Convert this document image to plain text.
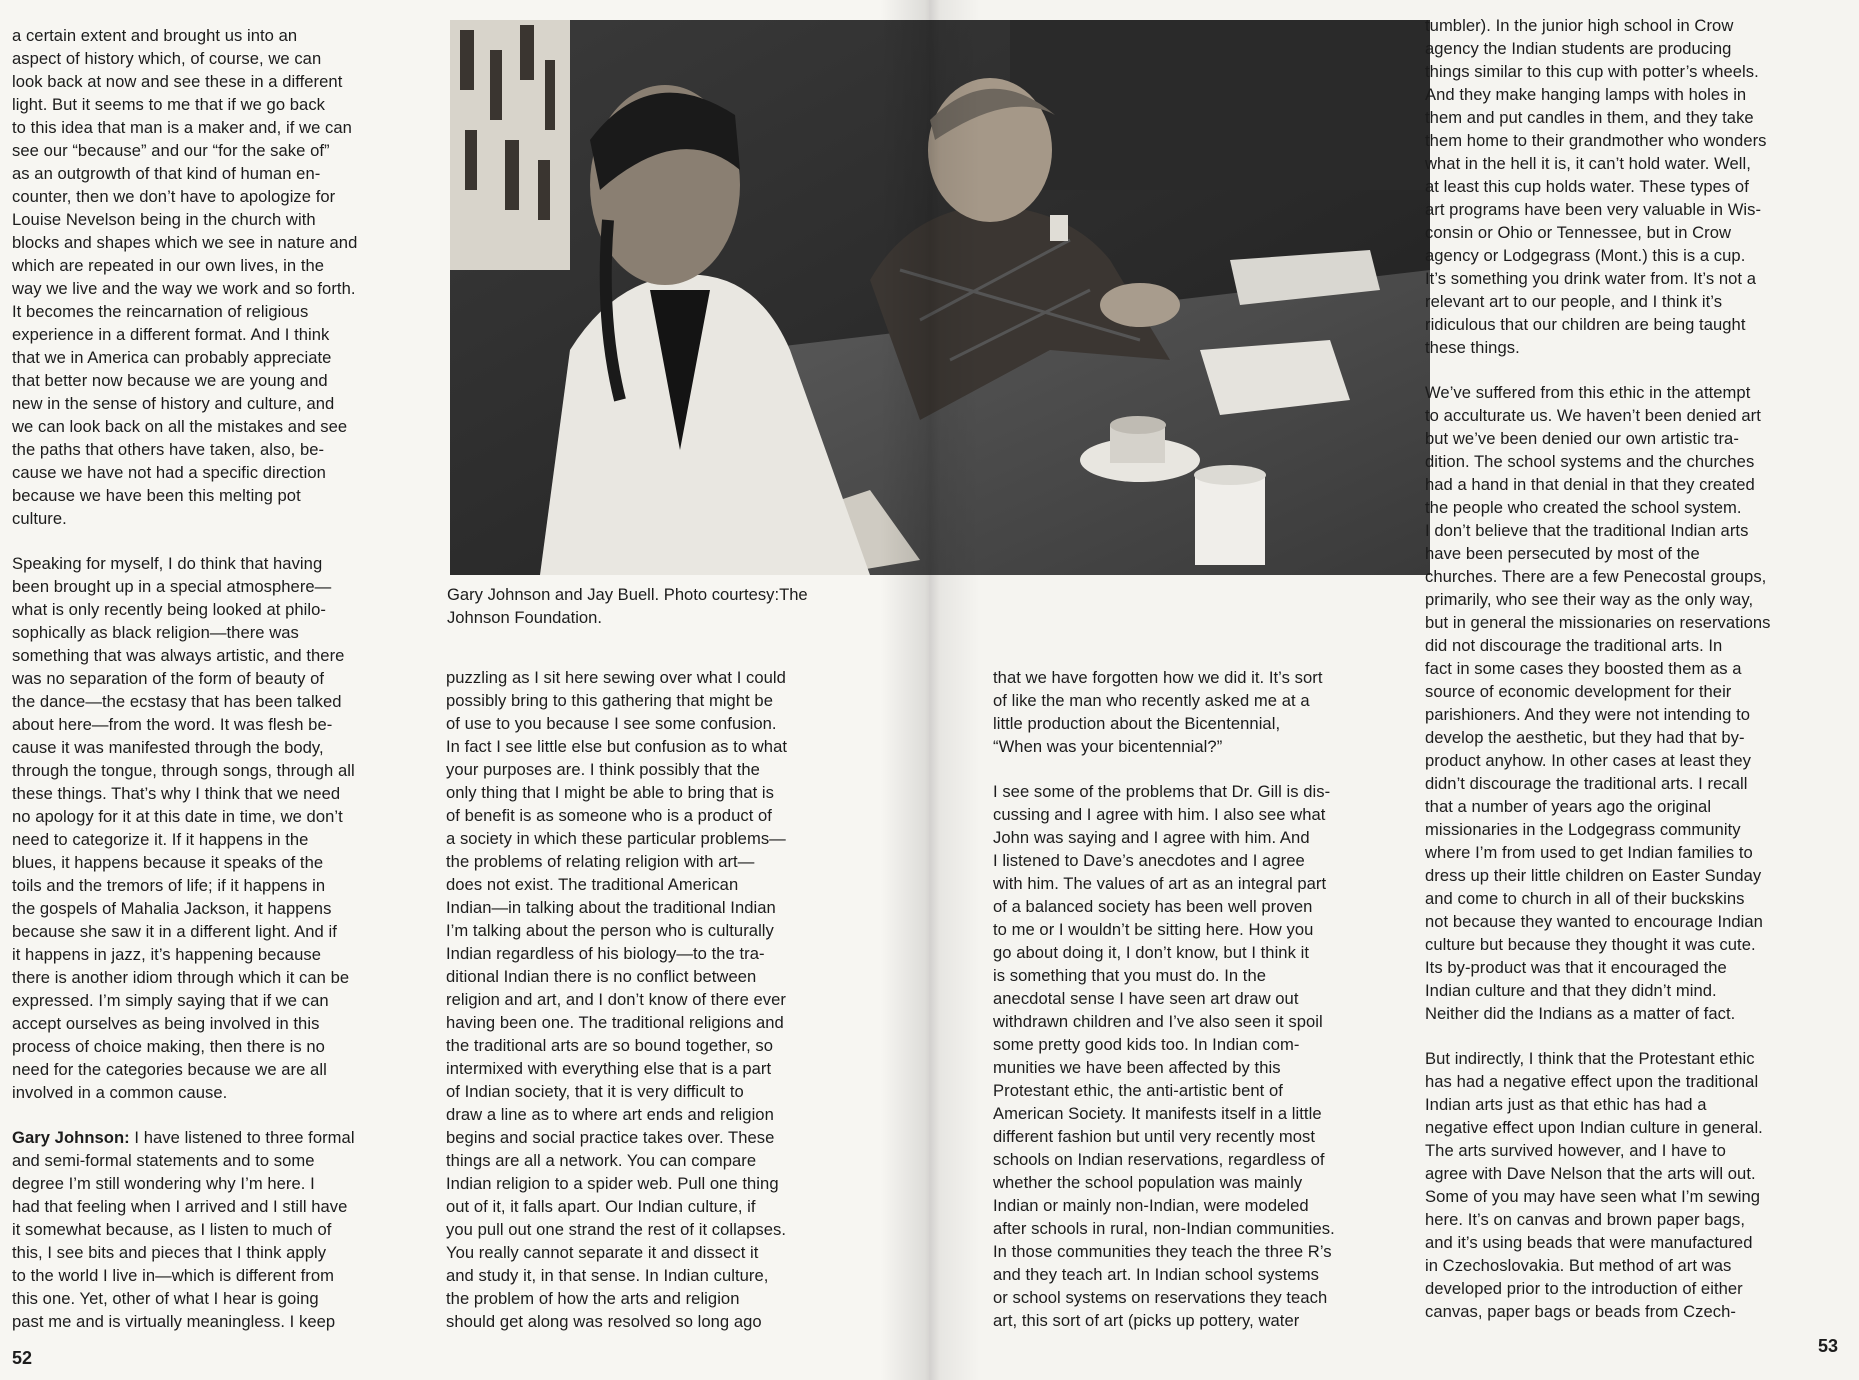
a certain extent and brought us into an
aspect of history which, of course, we can
look back at now and see these in a different
light. But it seems to me that if we go back
to this idea that man is a maker and, if we can
see our “because” and our “for the sake of”
as an outgrowth of that kind of human en-
counter, then we don’t have to apologize for
Louise Nevelson being in the church with
blocks and shapes which we see in nature and
which are repeated in our own lives, in the
way we live and the way we work and so forth.
It becomes the reincarnation of religious
experience in a different format. And I think
that we in America can probably appreciate
that better now because we are young and
new in the sense of history and culture, and
we can look back on all the mistakes and see
the paths that others have taken, also, be-
cause we have not had a specific direction
because we have been this melting pot
culture.

Speaking for myself, I do think that having
been brought up in a special atmosphere—
what is only recently being looked at philo-
sophically as black religion—there was
something that was always artistic, and there
was no separation of the form of beauty of
the dance—the ecstasy that has been talked
about here—from the word. It was flesh be-
cause it was manifested through the body,
through the tongue, through songs, through all
these things. That’s why I think that we need
no apology for it at this date in time, we don’t
need to categorize it. If it happens in the
blues, it happens because it speaks of the
toils and the tremors of life; if it happens in
the gospels of Mahalia Jackson, it happens
because she saw it in a different light. And if
it happens in jazz, it’s happening because
there is another idiom through which it can be
expressed. I’m simply saying that if we can
accept ourselves as being involved in this
process of choice making, then there is no
need for the categories because we are all
involved in a common cause.

Gary Johnson: I have listened to three formal
and semi-formal statements and to some
degree I’m still wondering why I’m here. I
had that feeling when I arrived and I still have
it somewhat because, as I listen to much of
this, I see bits and pieces that I think apply
to the world I live in—which is different from
this one. Yet, other of what I hear is going
past me and is virtually meaningless. I keep

puzzling as I sit here sewing over what I could
possibly bring to this gathering that might be
of use to you because I see some confusion.
In fact I see little else but confusion as to what
your purposes are. I think possibly that the
only thing that I might be able to bring that is
of benefit is as someone who is a product of
a society in which these particular problems—
the problems of relating religion with art—
does not exist. The traditional American
Indian—in talking about the traditional Indian
I’m talking about the person who is culturally
Indian regardless of his biology—to the tra-
ditional Indian there is no conflict between
religion and art, and I don’t know of there ever
having been one. The traditional religions and
the traditional arts are so bound together, so
intermixed with everything else that is a part
of Indian society, that it is very difficult to
draw a line as to where art ends and religion
begins and social practice takes over. These
things are all a network. You can compare
Indian religion to a spider web. Pull one thing
out of it, it falls apart. Our Indian culture, if
you pull out one strand the rest of it collapses.
You really cannot separate it and dissect it
and study it, in that sense. In Indian culture,
the problem of how the arts and religion
should get along was resolved so long ago

Gary Johnson and Jay Buell. Photo courtesy:The Johnson Foundation.

that we have forgotten how we did it. It’s sort
of like the man who recently asked me at a
little production about the Bicentennial,
“When was your bicentennial?”

I see some of the problems that Dr. Gill is dis-
cussing and I agree with him. I also see what
John was saying and I agree with him. And
I listened to Dave’s anecdotes and I agree
with him. The values of art as an integral part
of a balanced society has been well proven
to me or I wouldn’t be sitting here. How you
go about doing it, I don’t know, but I think it
is something that you must do. In the
anecdotal sense I have seen art draw out
withdrawn children and I’ve also seen it spoil
some pretty good kids too. In Indian com-
munities we have been affected by this
Protestant ethic, the anti-artistic bent of
American Society. It manifests itself in a little
different fashion but until very recently most
schools on Indian reservations, regardless of
whether the school population was mainly
Indian or mainly non-Indian, were modeled
after schools in rural, non-Indian communities.
In those communities they teach the three R’s
and they teach art. In Indian school systems
or school systems on reservations they teach
art, this sort of art (picks up pottery, water

tumbler). In the junior high school in Crow
agency the Indian students are producing
things similar to this cup with potter’s wheels.
And they make hanging lamps with holes in
them and put candles in them, and they take
them home to their grandmother who wonders
what in the hell it is, it can’t hold water. Well,
at least this cup holds water. These types of
art programs have been very valuable in Wis-
consin or Ohio or Tennessee, but in Crow
agency or Lodgegrass (Mont.) this is a cup.
It’s something you drink water from. It’s not a
relevant art to our people, and I think it’s
ridiculous that our children are being taught
these things.

We’ve suffered from this ethic in the attempt
to acculturate us. We haven’t been denied art
but we’ve been denied our own artistic tra-
dition. The school systems and the churches
had a hand in that denial in that they created
the people who created the school system.
I don’t believe that the traditional Indian arts
have been persecuted by most of the
churches. There are a few Penecostal groups,
primarily, who see their way as the only way,
but in general the missionaries on reservations
did not discourage the traditional arts. In
fact in some cases they boosted them as a
source of economic development for their
parishioners. And they were not intending to
develop the aesthetic, but they had that by-
product anyhow. In other cases at least they
didn’t discourage the traditional arts. I recall
that a number of years ago the original
missionaries in the Lodgegrass community
where I’m from used to get Indian families to
dress up their little children on Easter Sunday
and come to church in all of their buckskins
not because they wanted to encourage Indian
culture but because they thought it was cute.
Its by-product was that it encouraged the
Indian culture and that they didn’t mind.
Neither did the Indians as a matter of fact.

But indirectly, I think that the Protestant ethic
has had a negative effect upon the traditional
Indian arts just as that ethic has had a
negative effect upon Indian culture in general.
The arts survived however, and I have to
agree with Dave Nelson that the arts will out.
Some of you may have seen what I’m sewing
here. It’s on canvas and brown paper bags,
and it’s using beads that were manufactured
in Czechoslovakia. But method of art was
developed prior to the introduction of either
canvas, paper bags or beads from Czech-

52
53
